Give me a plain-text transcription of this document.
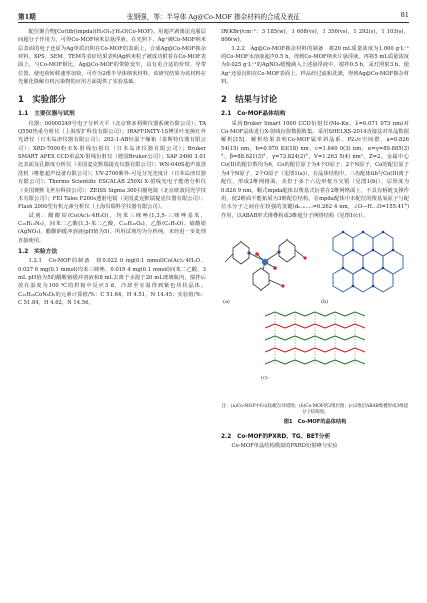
第1期	张钢强，等：半导体 Ag@Co-MOF 掺杂材料的合成及表征	81

配位聚合物[Co(tib)(mpda)(H₂O)₂]·H₂O(Co-MOF)。用超声剥离法克服层间超分子作用力，可得Co-MOF纳米层悬浮液。在光照下，Ag⁺被Co-MOF纳米层表面的电子还原为Ag单质沉积在Co-MOF的表面上，合成Ag@Co-MOF掺杂材料。XPS、SEM、TEM等表征结果表明Ag纳米粒子被成功附着在Co-MOF表面上，与Co-MOF相比，Ag@Co-MOF的带隙变窄，具有更合适的价带、导带位置，使电荷转移速率加快，可作为2维半导体纳米材料。该研究结果为该材料在光催化降解有机污染物的应用方面提供了实验基础。

1　实验部分
1.1　主要仪器与试剂

仪器：00000249号电子分析天平（北京赛多利斯仪器系统有限公司）；TA Q550热重分析仪（上海贺扩科技有限公司）；IRAFFINITY-1S傅里叶变换红外光谱仪（日本岛津仪器有限公司）；202-1-AB恒温干燥箱（泰斯特仪器有限公司）；XRD-7000粉末X-射线衍射仪（日本岛津仪器有限公司）；Bruker SMART APEX CCD单晶X-射线衍射仪（德国Bruker公司）；SAP 2460 3.01比表面及孔隙度分析仪（美国麦克默瑞提克仪器有限公司）；WN-040S超声波清洗机（唯能超声设备有限公司）；UV-2700紫外-可见分光光度计（日本岛津仪器有限公司）；Thermo Scientific ESCALAB 250Xi X-射线光电子能谱分析仪（美国赛默飞世尔科技公司）；ZEISS Sigma 300扫描电镜（北京欧波同光学技术有限公司）；FEI Talos F200s透射电镜（美国麦克默瑞提克仪器有限公司）；Flash 2000型有机元素分析仪（上海贝瑞科学仪器有限公司）。

试剂：醋酸钴(Co(Ac)₂·4H₂O)，均苯三咪唑(1,3,5-三咪唑基苯，C₁₅H₁₂N₆)，间苯二乙酸(1,3-苯二乙酸，C₁₀H₁₀O₄)，乙醇(C₂H₅O)、硝酸银(AgNO₃)，醋酸钠缓冲溶液(pH值为5)，所用试剂均为分析纯，未经进一步处理直接使用。

1.2　实验方法

1.2.1　Co-MOF的制备　将0.022 0 mg(0.1 mmol)Co(Ac)₂·4H₂O、0.027 6 mg(0.1 mmol)均苯三咪唑、0.019 4 mg(0.1 mmol)间苯二乙酸、3 mL pH值为5的醋酸钠缓冲溶液和8 mL去离子水混于20 mL玻璃瓶内，搅拌后放在温度为100 ℃的烘箱中反应3 d，冷却至室温得到紫色块状晶体。C₂₅H₂₆CoN₆O₆的元素计算值/%：C 51.64，H 4.51，N 14.45；实验值/%：C 51.84，H 4.62，N 14.56。

IR(KBr)/cm⁻¹：3 185(w)，1 608(vs)，1 356(vs)，1 292(s)，1 103(s)，806(w)。

1.2.2　Ag@Co-MOF掺杂材料的制备　将20 mL质量浓度为1.000 g·L⁻¹的Co-MOF水溶液超声0.5 h，得到Co-MOF纳米片悬浮液。再将5 mL质量浓度为0.025 g·L⁻¹的AgNO₃缓慢滴入上述悬浮液中，搅拌0.5 h，汞灯照射3 h，使Ag⁺还原沉积在Co-MOF表面上。样品经过滤和洗涤，得到Ag@Co-MOF掺杂材料。

2　结果与讨论
2.1　Co-MOF晶体结构

采用Bruker Smart 1000 CCD衍射仪(Mo-Kα，λ=0.071 073 nm)对Co-MOF晶体进行X-射线衍射数据收集。采用SHELXS-2014直接法对单晶数据解析[15]。解析结果表明Co-MOF属单斜晶系，P2₁/c空间群，a=0.826 54(15) nm，b=0.970 83(18) nm，c=1.640 0(3) nm，α=γ=89.885(3)°，β=88.621(3)°，γ=73.824(2)°，V=1.263 5(4) nm³，Z=2。金属中心Co(II)的配位数均为6，Co的配位原子为4个O原子、2个N原子，Co的配位原子为4个N原子、2个O原子（见图1(a)）。在晶体结构中，三齿配体tib与Co(II)离子配位，形成2维网格面，美但于多个六边形框互交错（见图1(b)），层厚度为0.826 9 nm。顺式mpda配体以羧基式衍着在2维网格面上，不具有桥链支撑作用，使2维面不能拓展为3维配位结构。在mpda配体中未配位的羧基氧原子与配位水分子之间存在较强的氢键(d₀₋ₕ…ₒ=0.262 4 nm，∠O—H…O=155.41°)作用，以ABAB形式堆叠构成3维超分子网络结构（见图1(c)）。

(a)	(b)
(c)
注：(a)Co-MOF中Co(II)配位环境图；(b)Co-MOF的2维层图；(c)2维层ABAB堆叠形成3维超分子结构图。
图1　Co-MOF的晶体结构
2.2　Co-MOF的PXRD、TG、BET分析

Co-MOF单晶结构模拟的PXRD衍射峰与实验
